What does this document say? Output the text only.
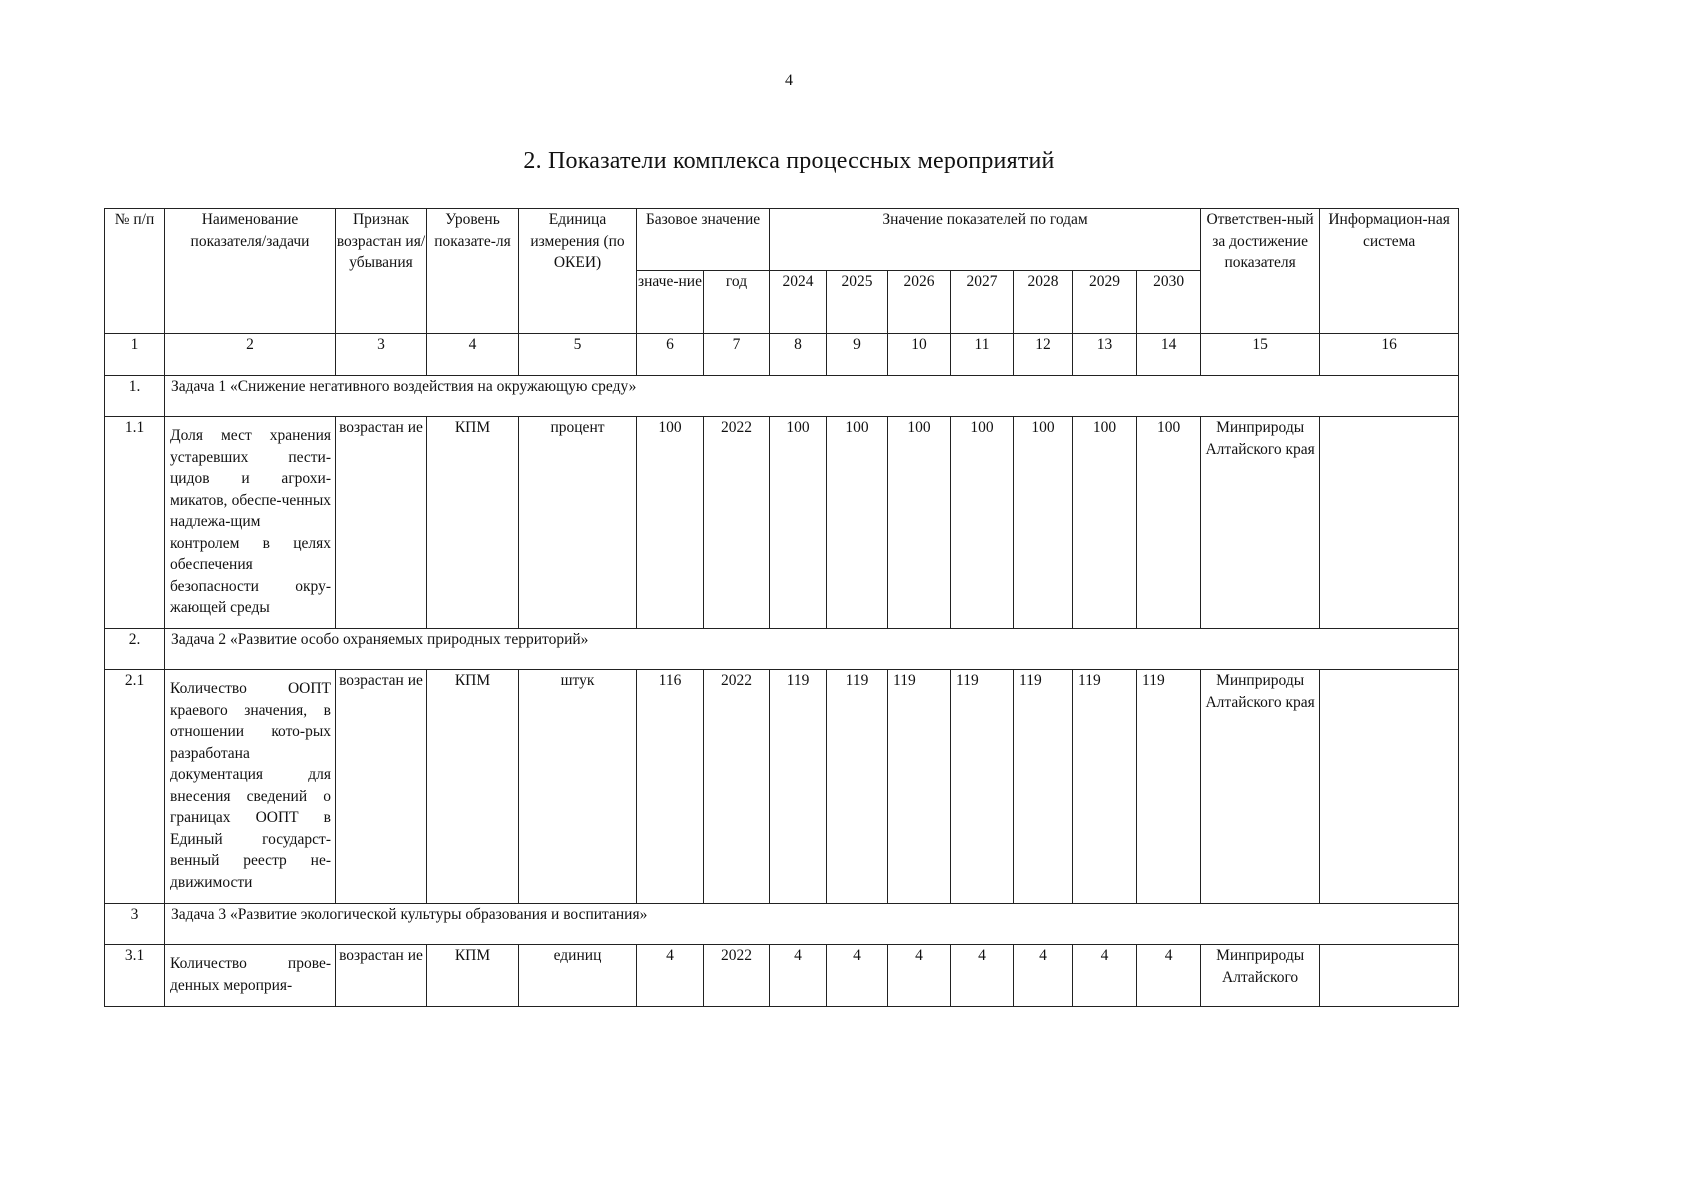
4
2. Показатели комплекса процессных мероприятий
№ п/п	Наименование показателя/задачи	Признак возрастан ия/ убывания	Уровень показате-ля	Единица измерения (по ОКЕИ)	Базовое значение		Значение показателей по годам							Ответствен-ный за достижение показателя	Информацион-ная система
					значе-ние	год	2024	2025	2026	2027	2028	2029	2030		
1	2	3	4	5	6	7	8	9	10	11	12	13	14	15	16
1.	Задача 1 «Снижение негативного воздействия на окружающую среду»														
1.1	Доля мест хранения устаревших пести-цидов и агрохи-микатов, обеспе-ченных надлежа-щим контролем в целях обеспечения безопасности окру-жающей среды	возрастан ие	КПМ	процент	100	2022	100	100	100	100	100	100	100	Минприроды Алтайского края	
2.	Задача 2 «Развитие особо охраняемых природных территорий»														
2.1	Количество ООПТ краевого значения, в отношении кото-рых разработана документация для внесения сведений о границах ООПТ в Единый государст-венный реестр не-движимости	возрастан ие	КПМ	штук	116	2022	119	119	119	119	119	119	119	Минприроды Алтайского края	
3	Задача 3 «Развитие экологической культуры образования и воспитания»														
3.1	Количество прове-денных мероприя-	возрастан ие	КПМ	единиц	4	2022	4	4	4	4	4	4	4	Минприроды Алтайского	
